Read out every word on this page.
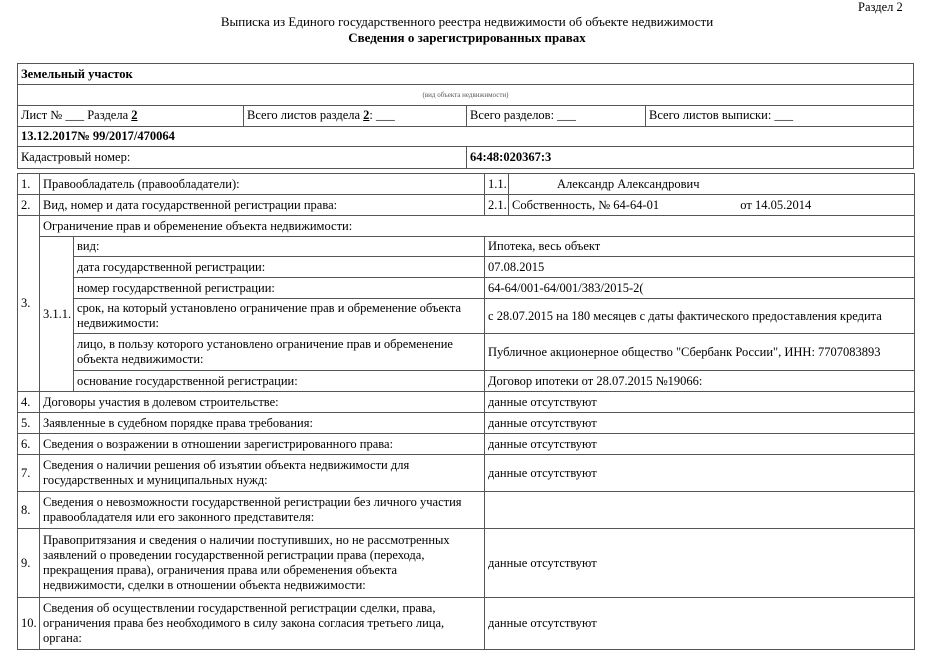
Раздел 2
Выписка из Единого государственного реестра недвижимости об объекте недвижимости
Сведения о зарегистрированных правах
Земельный участок
(вид объекта недвижимости)
Лист № ___ Раздела 2	Всего листов раздела 2: ___	Всего разделов: ___	Всего листов выписки: ___
13.12.2017№ 99/2017/470064
Кадастровый номер:	64:48:020367:3
1.	Правообладатель (правообладатели):		1.1.	Александр Александрович
2.	Вид, номер и дата государственной регистрации права:		2.1.	Собственность, № 64-64-01 от 14.05.2014
3.	Ограничение прав и обременение объекта недвижимости:			
	3.1.1.	вид:	Ипотека, весь объект	
		дата государственной регистрации:	07.08.2015	
		номер государственной регистрации:	64-64/001-64/001/383/2015-2(	
		срок, на который установлено ограничение прав и обременение объекта недвижимости:	с 28.07.2015 на 180 месяцев с даты фактического предоставления кредита	
		лицо, в пользу которого установлено ограничение прав и обременение объекта недвижимости:	Публичное акционерное общество "Сбербанк России", ИНН: 7707083893	
		основание государственной регистрации:	Договор ипотеки от 28.07.2015 №19066:	
4.	Договоры участия в долевом строительстве:		данные отсутствуют	
5.	Заявленные в судебном порядке права требования:		данные отсутствуют	
6.	Сведения о возражении в отношении зарегистрированного права:		данные отсутствуют	
7.	Сведения о наличии решения об изъятии объекта недвижимости для государственных и муниципальных нужд:		данные отсутствуют	
8.	Сведения о невозможности государственной регистрации без личного участия правообладателя или его законного представителя:			
9.	Правопритязания и сведения о наличии поступивших, но не рассмотренных заявлений о проведении государственной регистрации права (перехода, прекращения права), ограничения права или обременения объекта недвижимости, сделки в отношении объекта недвижимости:		данные отсутствуют	
10.	Сведения об осуществлении государственной регистрации сделки, права, ограничения права без необходимого в силу закона согласия третьего лица, органа:		данные отсутствуют	
